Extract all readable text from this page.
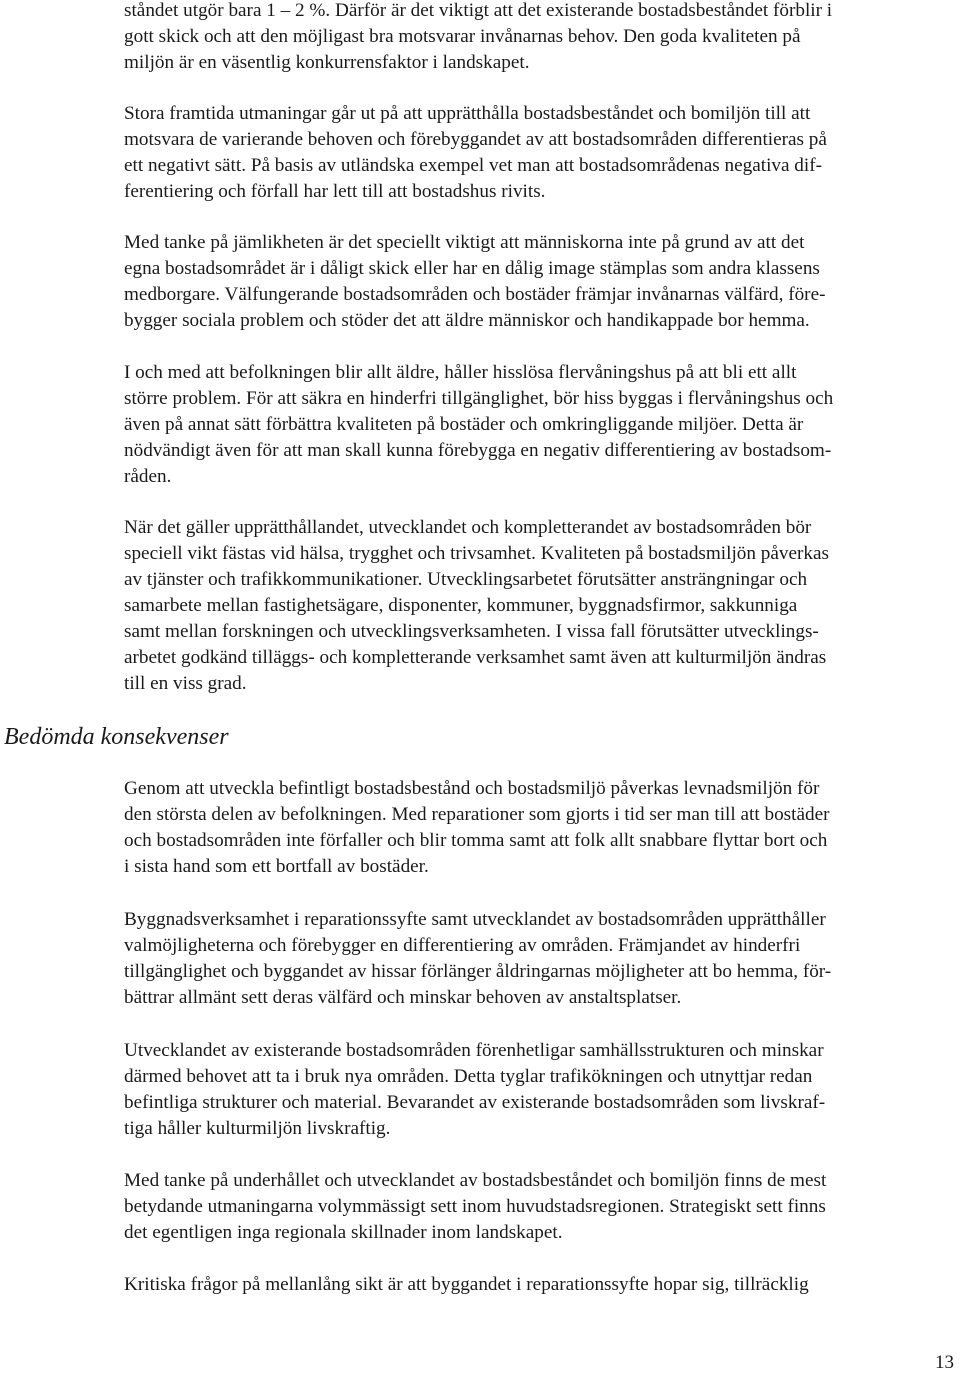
ståndet utgör bara 1 – 2 %. Därför är det viktigt att det existerande bostadsbeståndet förblir i
gott skick och att den möjligast bra motsvarar invånarnas behov. Den goda kvaliteten på
miljön är en väsentlig konkurrensfaktor i landskapet.

Stora framtida utmaningar går ut på att upprätthålla bostadsbeståndet och bomiljön till att
motsvara de varierande behoven och förebyggandet av att bostadsområden differentieras på
ett negativt sätt. På basis av utländska exempel vet man att bostadsområdenas negativa dif-
ferentiering och förfall har lett till att bostadshus rivits.

Med tanke på jämlikheten är det speciellt viktigt att människorna inte på grund av att det
egna bostadsområdet är i dåligt skick eller har en dålig image stämplas som andra klassens
medborgare. Välfungerande bostadsområden och bostäder främjar invånarnas välfärd, före-
bygger sociala problem och stöder det att äldre människor och handikappade bor hemma.

I och med att befolkningen blir allt äldre, håller hisslösa flervåningshus på att bli ett allt
större problem. För att säkra en hinderfri tillgänglighet, bör hiss byggas i flervåningshus och
även på annat sätt förbättra kvaliteten på bostäder och omkringliggande miljöer. Detta är
nödvändigt även för att man skall kunna förebygga en negativ differentiering av bostadsom-
råden.

När det gäller upprätthållandet, utvecklandet och kompletterandet av bostadsområden bör
speciell vikt fästas vid hälsa, trygghet och trivsamhet. Kvaliteten på bostadsmiljön påverkas
av tjänster och trafikkommunikationer. Utvecklingsarbetet förutsätter ansträngningar och
samarbete mellan fastighetsägare, disponenter, kommuner, byggnadsfirmor, sakkunniga
samt mellan forskningen och utvecklingsverksamheten. I vissa fall förutsätter utvecklings-
arbetet godkänd tilläggs- och kompletterande verksamhet samt även att kulturmiljön ändras
till en viss grad.

Bedömda konsekvenser

Genom att utveckla befintligt bostadsbestånd och bostadsmiljö påverkas levnadsmiljön för
den största delen av befolkningen. Med reparationer som gjorts i tid ser man till att bostäder
och bostadsområden inte förfaller och blir tomma samt att folk allt snabbare flyttar bort och
i sista hand som ett bortfall av bostäder.

Byggnadsverksamhet i reparationssyfte samt utvecklandet av bostadsområden upprätthåller
valmöjligheterna och förebygger en differentiering av områden. Främjandet av hinderfri
tillgänglighet och byggandet av hissar förlänger åldringarnas möjligheter att bo hemma, för-
bättrar allmänt sett deras välfärd och minskar behoven av anstaltsplatser.

Utvecklandet av existerande bostadsområden förenhetligar samhällsstrukturen och minskar
därmed behovet att ta i bruk nya områden. Detta tyglar trafikökningen och utnyttjar redan
befintliga strukturer och material. Bevarandet av existerande bostadsområden som livskraf-
tiga håller kulturmiljön livskraftig.

Med tanke på underhållet och utvecklandet av bostadsbeståndet och bomiljön finns de mest
betydande utmaningarna volymmässigt sett inom huvudstadsregionen. Strategiskt sett finns
det egentligen inga regionala skillnader inom landskapet.

Kritiska frågor på mellanlång sikt är att byggandet i reparationssyfte hopar sig, tillräcklig

13
